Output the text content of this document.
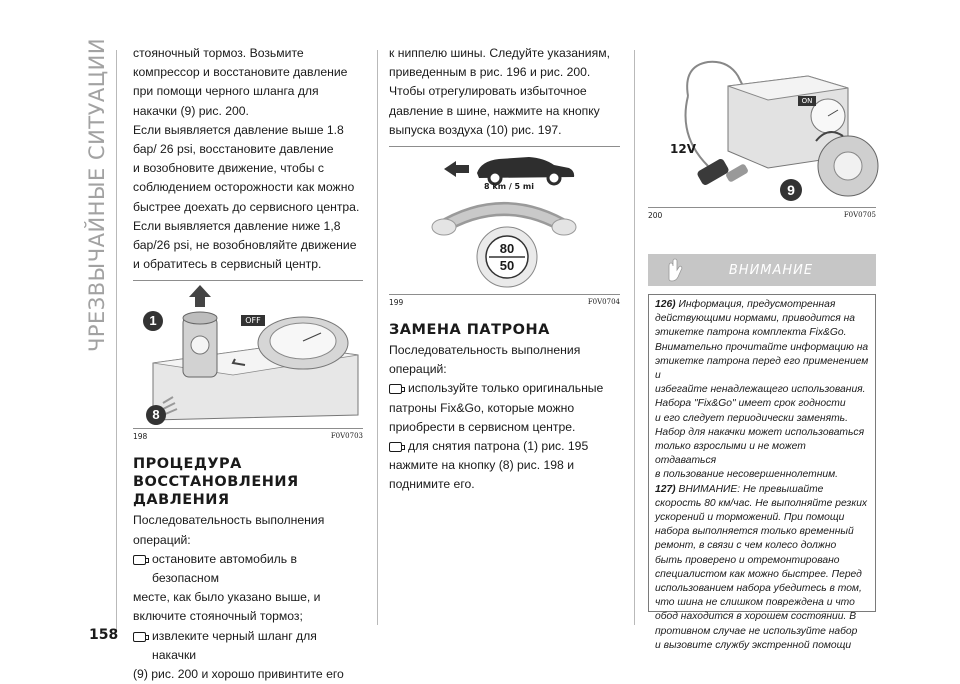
ЧРЕЗВЫЧАЙНЫЕ СИТУАЦИИ
158

стояночный тормоз. Возьмите

компрессор и восстановите давление

при помощи черного шланга для

накачки (9) рис. 200.

Если выявляется давление выше 1.8

бар/ 26 psi, восстановите давление

и возобновите движение, чтобы с

соблюдением осторожности как можно

быстрее доехать до сервисного центра.

Если выявляется давление ниже 1,8

бар/26 psi, не возобновляйте движение

и обратитесь в сервисный центр.

OFF
1
8
198	F0V0703
ПРОЦЕДУРА
ВОССТАНОВЛЕНИЯ
ДАВЛЕНИЯ

Последовательность выполнения

операций:

остановите автомобиль в безопасном

месте, как было указано выше, и

включите стояночный тормоз;

извлеките черный шланг для накачки

(9) рис. 200 и хорошо привинтите его

к ниппелю шины. Следуйте указаниям,

приведенным в рис. 196 и рис. 200.

Чтобы отрегулировать избыточное

давление в шине, нажмите на кнопку

выпуска воздуха (10) рис. 197.

8 km / 5 mi
80
50
199	F0V0704
ЗАМЕНА ПАТРОНА

Последовательность выполнения

операций:

используйте только оригинальные

патроны Fix&Go, которые можно

приобрести в сервисном центре.

для снятия патрона (1) рис. 195

нажмите на кнопку (8) рис. 198 и

поднимите его.

ON
12V
9
200	F0V0705
ВНИМАНИЕ

126) Информация, предусмотренная

действующими нормами, приводится на

этикетке патрона комплекта Fix&Go.

Внимательно прочитайте информацию на

этикетке патрона перед его применением и

избегайте ненадлежащего использования.

Набора "Fix&Go" имеет срок годности

и его следует периодически заменять.

Набор для накачки может использоваться

только взрослыми и не может отдаваться

в пользование несовершеннолетним.

127) ВНИМАНИЕ: Не превышайте

скорость 80 км/час. Не выполняйте резких

ускорений и торможений. При помощи

набора выполняется только временный

ремонт, в связи с чем колесо должно

быть проверено и отремонтировано

специалистом как можно быстрее. Перед

использованием набора убедитесь в том,

что шина не слишком повреждена и что

обод находится в хорошем состоянии. В

противном случае не используйте набор

и вызовите службу экстренной помощи
